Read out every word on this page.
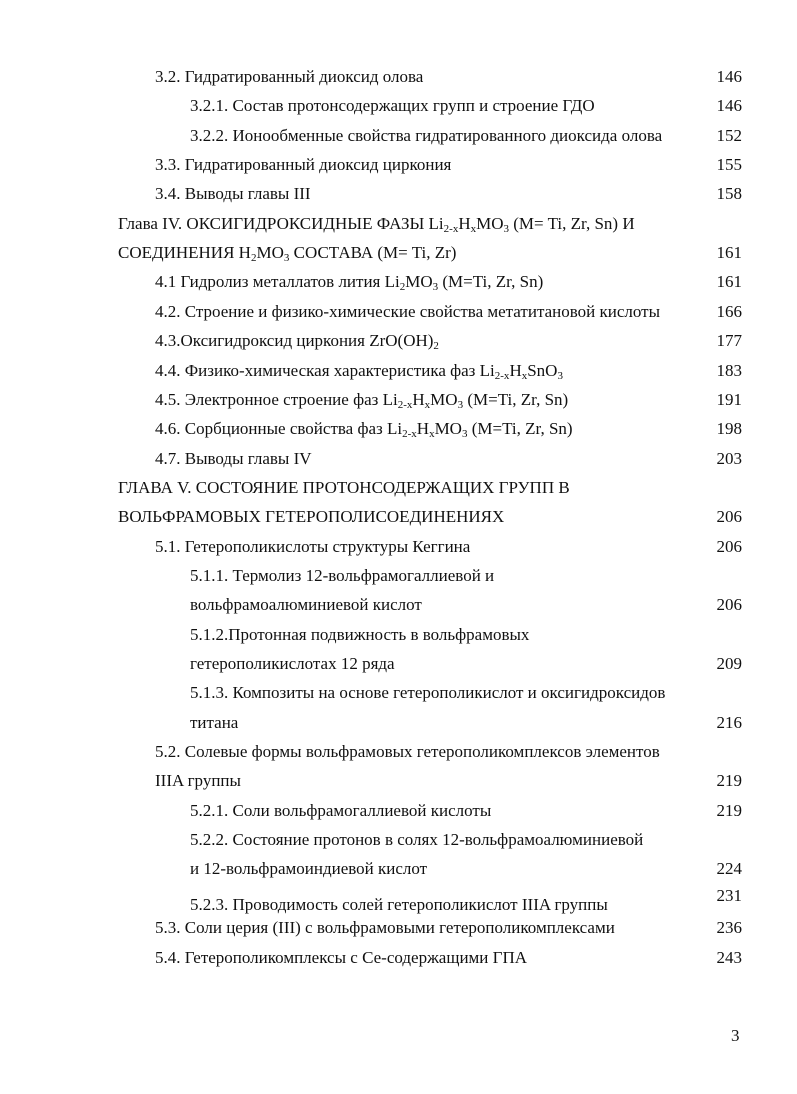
3.2. Гидратированный диоксид олова	146
3.2.1. Состав протонсодержащих групп и строение ГДО	146
3.2.2. Ионообменные свойства гидратированного диоксида олова	152
3.3. Гидратированный диоксид циркония	155
3.4. Выводы главы III	158
Глава IV. ОКСИГИДРОКСИДНЫЕ ФАЗЫ $Li_{2-x}H_xMO_3$ (M= Ti, Zr, Sn) И
СОЕДИНЕНИЯ $H_2MO_3$ СОСТАВА (M= Ti, Zr)	161
4.1 Гидролиз металлатов лития $Li_2MO_3$ (M=Ti, Zr, Sn)	161
4.2. Строение и физико-химические свойства метатитановой кислоты	166
4.3.Оксигидроксид циркония $ZrO(OH)_2$	177
4.4. Физико-химическая характеристика фаз $Li_{2-x}H_xSnO_3$	183
4.5. Электронное строение фаз $Li_{2-x}H_xMO_3$ (M=Ti, Zr, Sn)	191
4.6. Сорбционные свойства фаз $Li_{2-x}H_xMO_3$ (M=Ti, Zr, Sn)	198
4.7. Выводы главы IV	203
ГЛАВА V. СОСТОЯНИЕ ПРОТОНСОДЕРЖАЩИХ ГРУПП В
ВОЛЬФРАМОВЫХ ГЕТЕРОПОЛИСОЕДИНЕНИЯХ	206
5.1. Гетерополикислоты структуры Кеггина	206
5.1.1. Термолиз 12-вольфрамогаллиевой и
вольфрамоалюминиевой кислот	206
5.1.2.Протонная подвижность в вольфрамовых
гетерополикислотах 12 ряда	209
5.1.3. Композиты на основе гетерополикислот и оксигидроксидов
титана	216
5.2. Солевые формы вольфрамовых гетерополикомплексов элементов
IIIA группы	219
5.2.1. Соли вольфрамогаллиевой кислоты	219
5.2.2. Состояние протонов в солях 12-вольфрамоалюминиевой
и 12-вольфрамоиндиевой кислот	224
5.2.3. Проводимость солей гетерополикислот IIIA группы	231
5.3. Соли церия (III) с вольфрамовыми гетерополикомплексами	236
5.4. Гетерополикомплексы с Се-содержащими ГПА	243
3
